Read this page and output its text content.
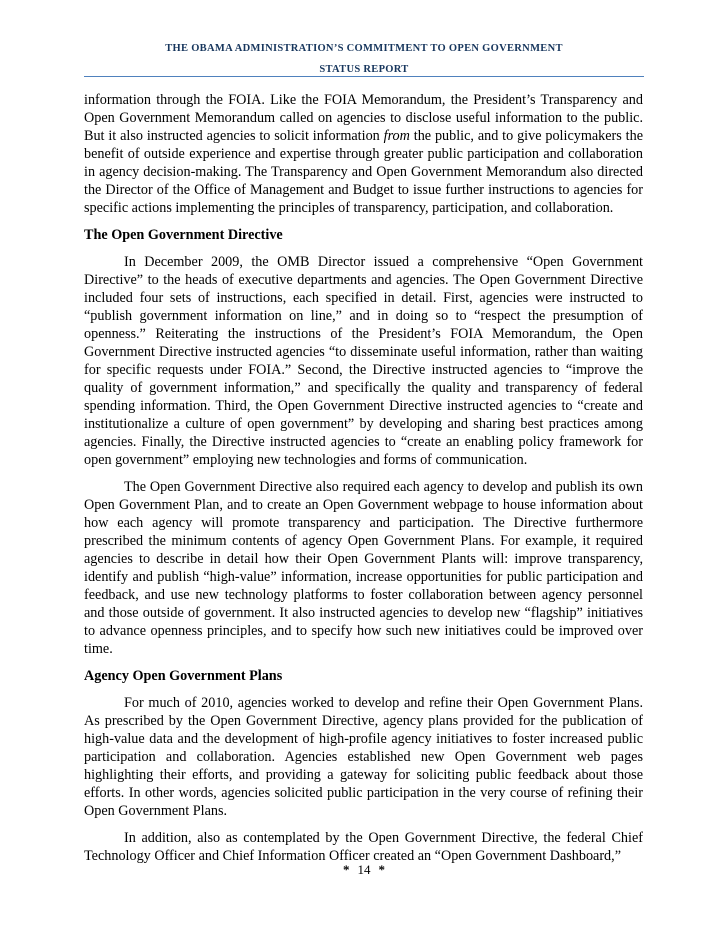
THE OBAMA ADMINISTRATION’S COMMITMENT TO OPEN GOVERNMENT
STATUS REPORT

information through the FOIA. Like the FOIA Memorandum, the President’s Transparency and Open Government Memorandum called on agencies to disclose useful information to the public. But it also instructed agencies to solicit information from the public, and to give policymakers the benefit of outside experience and expertise through greater public participation and collaboration in agency decision-making. The Transparency and Open Government Memorandum also directed the Director of the Office of Management and Budget to issue further instructions to agencies for specific actions implementing the principles of transparency, participation, and collaboration.

The Open Government Directive

In December 2009, the OMB Director issued a comprehensive “Open Government Directive” to the heads of executive departments and agencies. The Open Government Directive included four sets of instructions, each specified in detail. First, agencies were instructed to “publish government information on line,” and in doing so to “respect the presumption of openness.” Reiterating the instructions of the President’s FOIA Memorandum, the Open Government Directive instructed agencies “to disseminate useful information, rather than waiting for specific requests under FOIA.” Second, the Directive instructed agencies to “improve the quality of government information,” and specifically the quality and transparency of federal spending information. Third, the Open Government Directive instructed agencies to “create and institutionalize a culture of open government” by developing and sharing best practices among agencies. Finally, the Directive instructed agencies to “create an enabling policy framework for open government” employing new technologies and forms of communication.

The Open Government Directive also required each agency to develop and publish its own Open Government Plan, and to create an Open Government webpage to house information about how each agency will promote transparency and participation. The Directive furthermore prescribed the minimum contents of agency Open Government Plans. For example, it required agencies to describe in detail how their Open Government Plants will: improve transparency, identify and publish “high-value” information, increase opportunities for public participation and feedback, and use new technology platforms to foster collaboration between agency personnel and those outside of government. It also instructed agencies to develop new “flagship” initiatives to advance openness principles, and to specify how such new initiatives could be improved over time.

Agency Open Government Plans

For much of 2010, agencies worked to develop and refine their Open Government Plans. As prescribed by the Open Government Directive, agency plans provided for the publication of high-value data and the development of high-profile agency initiatives to foster increased public participation and collaboration. Agencies established new Open Government web pages highlighting their efforts, and providing a gateway for soliciting public feedback about those efforts. In other words, agencies solicited public participation in the very course of refining their Open Government Plans.

In addition, also as contemplated by the Open Government Directive, the federal Chief Technology Officer and Chief Information Officer created an “Open Government Dashboard,”

* 14 *
